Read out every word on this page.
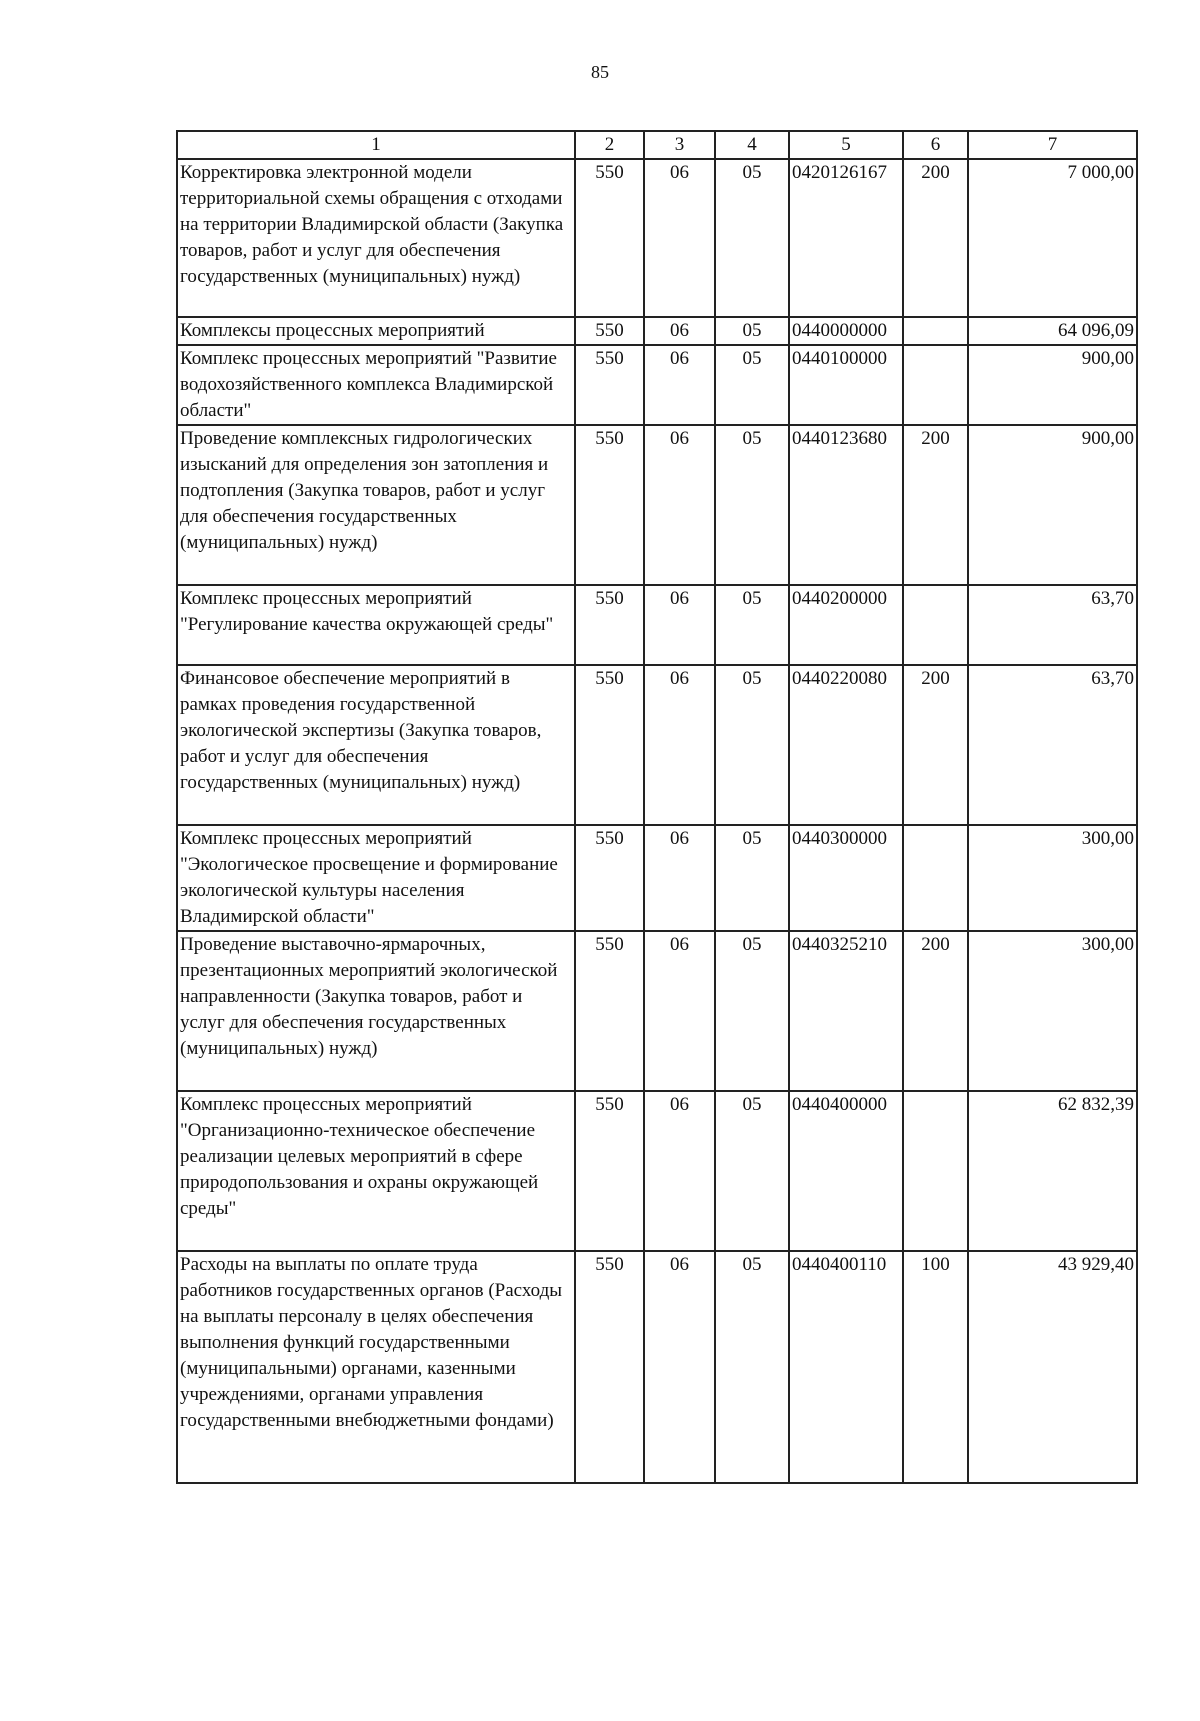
85
1	2	3	4	5	6	7
Корректировка электронной модели территориальной схемы обращения с отходами на территории Владимирской области (Закупка товаров, работ и услуг для обеспечения государственных (муниципальных) нужд)	550	06	05	0420126167	200	7 000,00
Комплексы процессных мероприятий	550	06	05	0440000000		64 096,09
Комплекс процессных мероприятий "Развитие водохозяйственного комплекса Владимирской области"	550	06	05	0440100000		900,00
Проведение комплексных гидрологических изысканий для определения зон затопления и подтопления (Закупка товаров, работ и услуг для обеспечения государственных (муниципальных) нужд)	550	06	05	0440123680	200	900,00
Комплекс процессных мероприятий "Регулирование качества окружающей среды"	550	06	05	0440200000		63,70
Финансовое обеспечение мероприятий в рамках проведения государственной экологической экспертизы (Закупка товаров, работ и услуг для обеспечения государственных (муниципальных) нужд)	550	06	05	0440220080	200	63,70
Комплекс процессных мероприятий "Экологическое просвещение и формирование экологической культуры населения Владимирской области"	550	06	05	0440300000		300,00
Проведение выставочно-ярмарочных, презентационных мероприятий экологической направленности (Закупка товаров, работ и услуг для обеспечения государственных (муниципальных) нужд)	550	06	05	0440325210	200	300,00
Комплекс процессных мероприятий "Организационно-техническое обеспечение реализации целевых мероприятий в сфере природопользования и охраны окружающей среды"	550	06	05	0440400000		62 832,39
Расходы на выплаты по оплате труда работников государственных органов (Расходы на выплаты персоналу в целях обеспечения выполнения функций государственными (муниципальными) органами, казенными учреждениями, органами управления государственными внебюджетными фондами)	550	06	05	0440400110	100	43 929,40
